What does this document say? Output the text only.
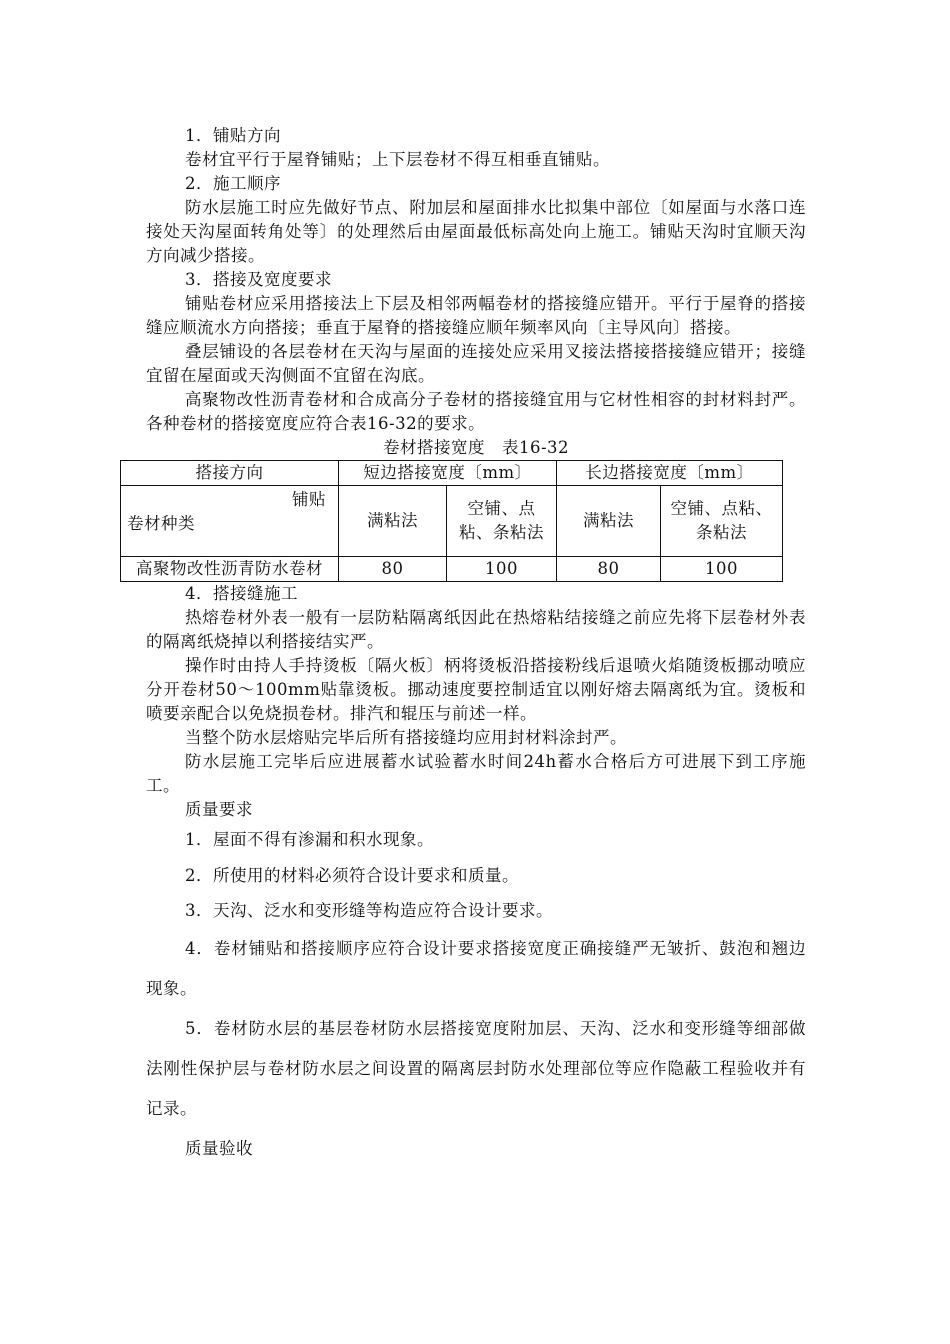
1．铺贴方向

卷材宜平行于屋脊铺贴；上下层卷材不得互相垂直铺贴。

2．施工顺序

防水层施工时应先做好节点、附加层和屋面排水比拟集中部位〔如屋面与水落口连接处天沟屋面转角处等〕的处理然后由屋面最低标高处向上施工。铺贴天沟时宜顺天沟方向减少搭接。

3．搭接及宽度要求

铺贴卷材应采用搭接法上下层及相邻两幅卷材的搭接缝应错开。平行于屋脊的搭接缝应顺流水方向搭接；垂直于屋脊的搭接缝应顺年频率风向〔主导风向〕搭接。

叠层铺设的各层卷材在天沟与屋面的连接处应采用叉接法搭接搭接缝应错开；接缝宜留在屋面或天沟侧面不宜留在沟底。

高聚物改性沥青卷材和合成高分子卷材的搭接缝宜用与它材性相容的封材料封严。各种卷材的搭接宽度应符合表16-32的要求。

卷材搭接宽度　表16-32

搭接方向	短边搭接宽度〔mm〕		长边搭接宽度〔mm〕	

铺贴
卷材种类	满粘法	空铺、点粘、条粘法	满粘法	空铺、点粘、条粘法
高聚物改性沥青防水卷材	80	100	80	100

4．搭接缝施工

热熔卷材外表一般有一层防粘隔离纸因此在热熔粘结接缝之前应先将下层卷材外表的隔离纸烧掉以利搭接结实严。

操作时由持人手持烫板〔隔火板〕柄将烫板沿搭接粉线后退喷火焰随烫板挪动喷应分开卷材50～100mm贴靠烫板。挪动速度要控制适宜以刚好熔去隔离纸为宜。烫板和喷要亲配合以免烧损卷材。排汽和辊压与前述一样。

当整个防水层熔贴完毕后所有搭接缝均应用封材料涂封严。

防水层施工完毕后应进展蓄水试验蓄水时间24h蓄水合格后方可进展下到工序施工。

质量要求

1．屋面不得有渗漏和积水现象。

2．所使用的材料必须符合设计要求和质量。

3．天沟、泛水和变形缝等构造应符合设计要求。

4．卷材铺贴和搭接顺序应符合设计要求搭接宽度正确接缝严无皱折、鼓泡和翘边现象。

5．卷材防水层的基层卷材防水层搭接宽度附加层、天沟、泛水和变形缝等细部做法刚性保护层与卷材防水层之间设置的隔离层封防水处理部位等应作隐蔽工程验收并有记录。

质量验收
